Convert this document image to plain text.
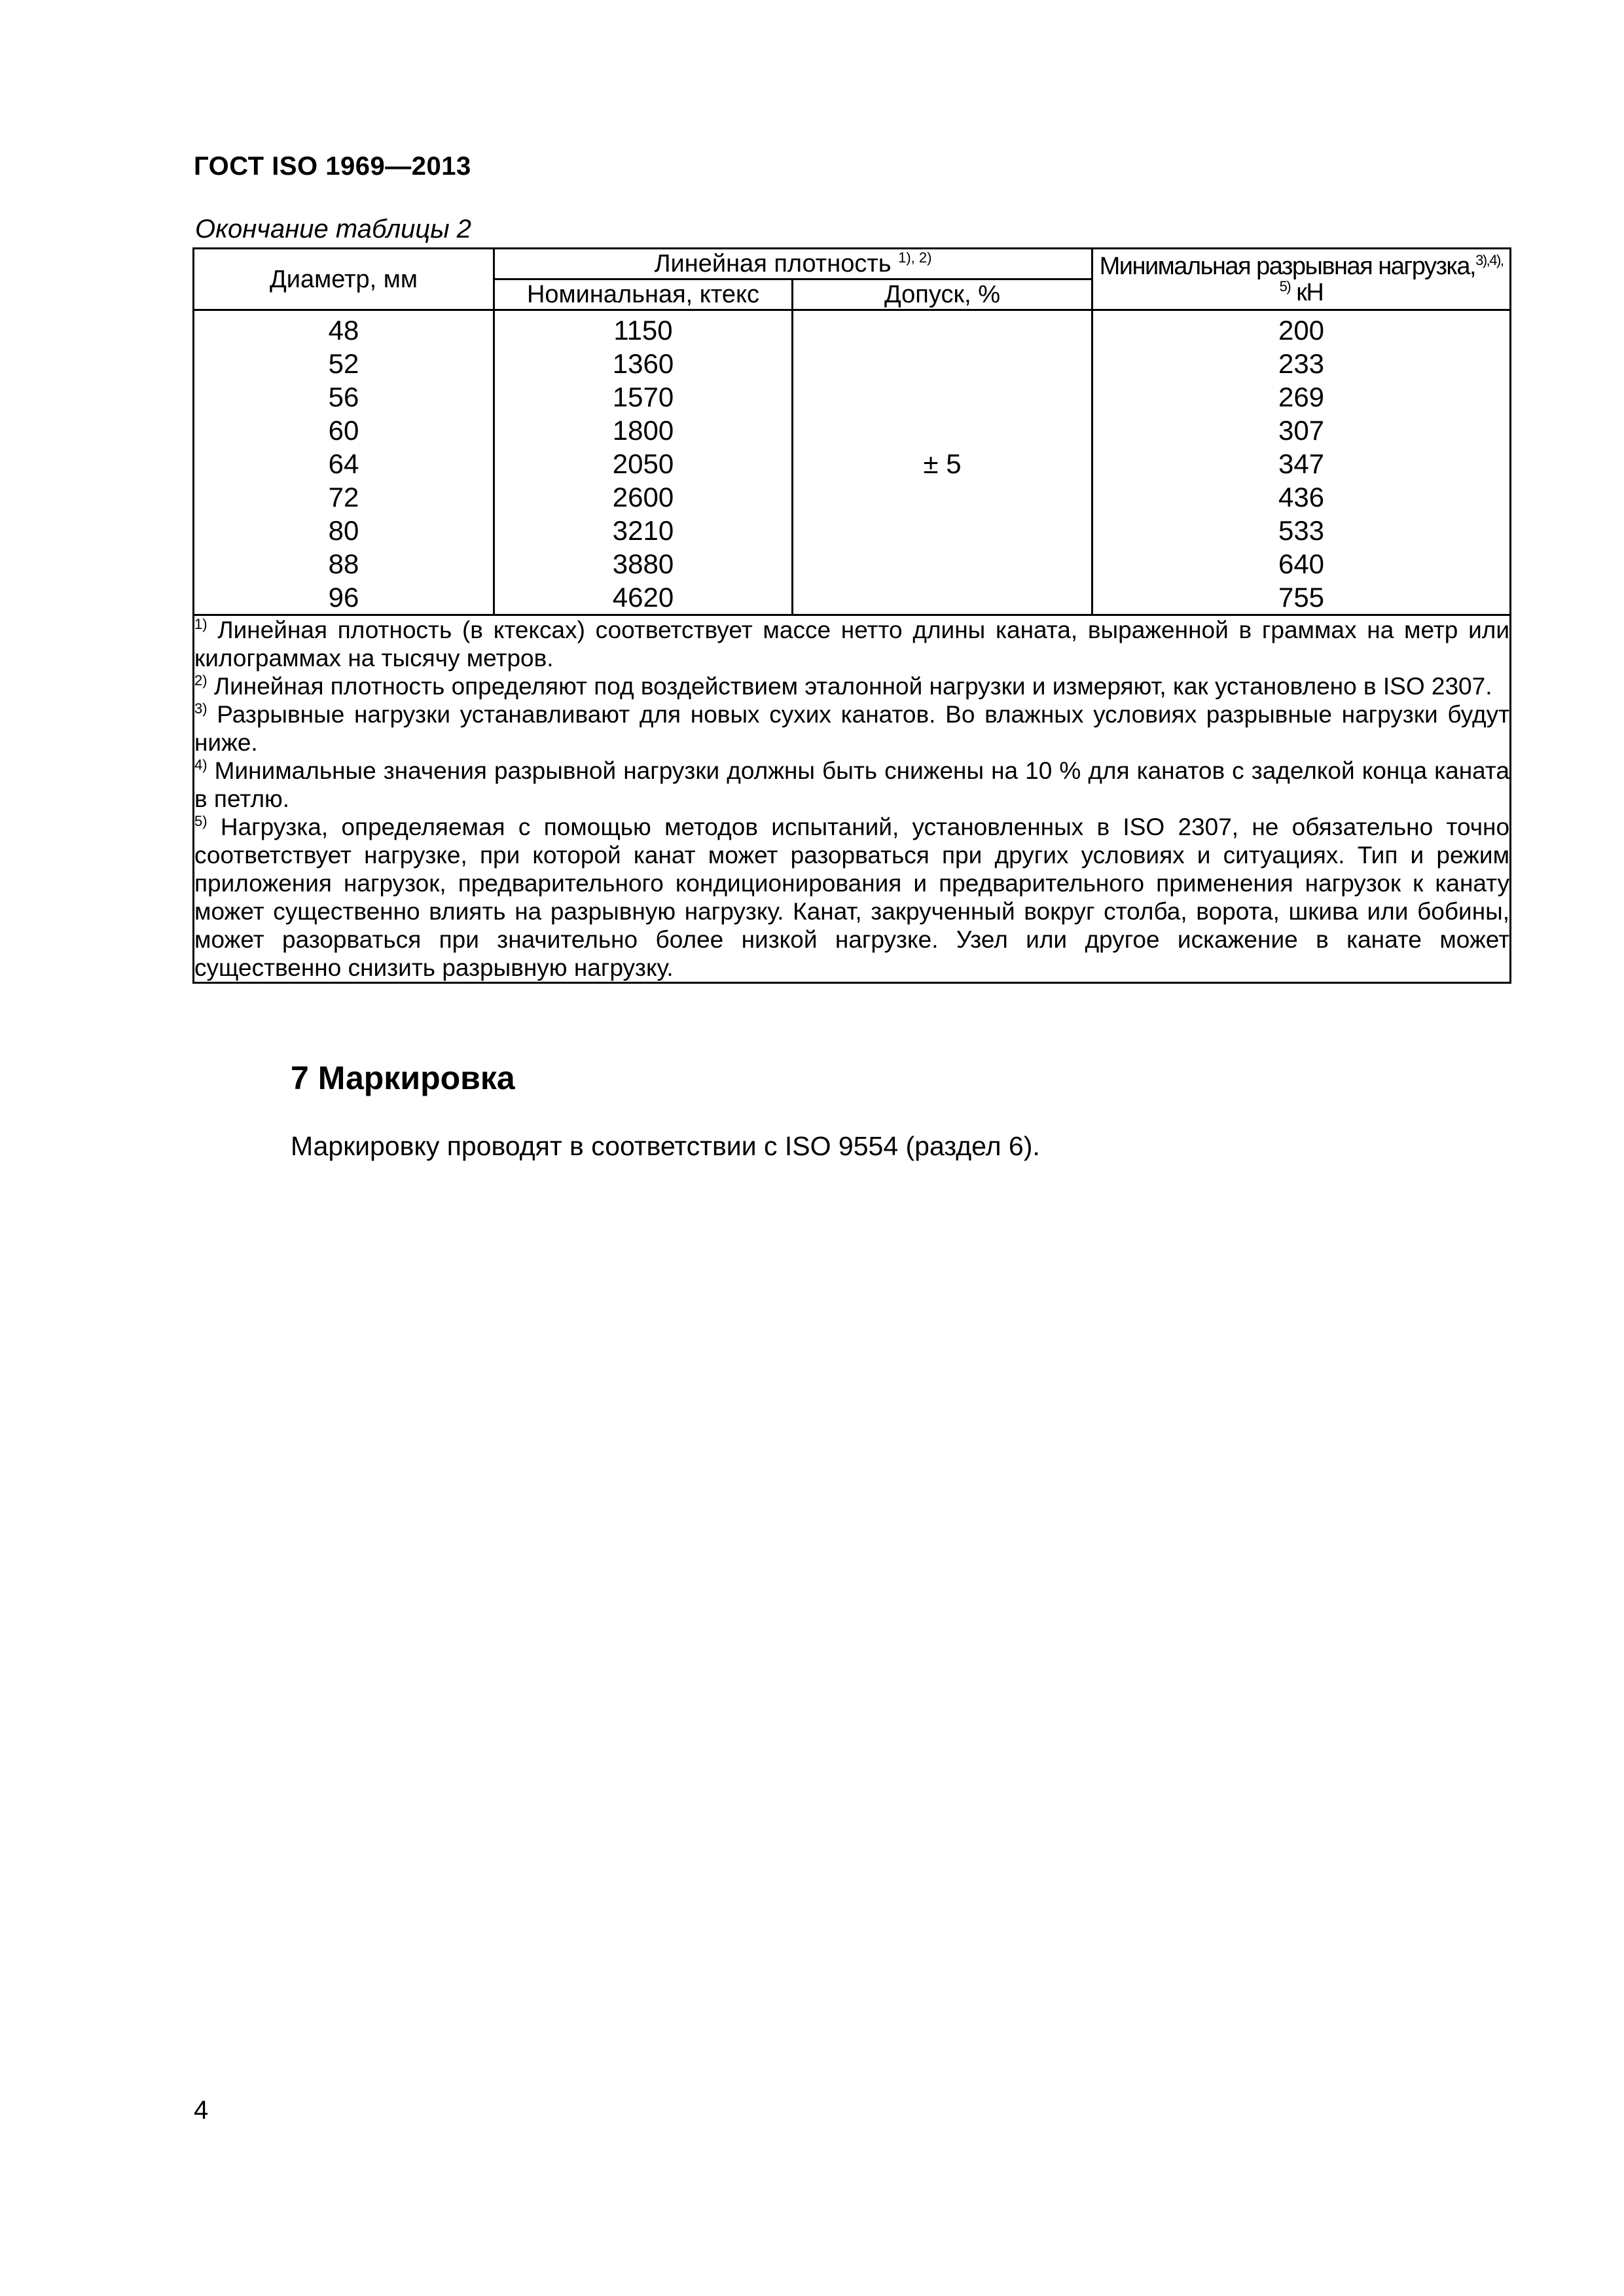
ГОСТ ISO 1969—2013
Окончание таблицы 2
Диаметр, мм	Линейная плотность $^{1), 2)}$		Минимальная разрывная нагрузка,$^{3),4),}$
$^{5)}$ кН
	Номинальная, ктекс	Допуск, %	
48	1150	± 5	200
52	1360		233
56	1570		269
60	1800		307
64	2050		347
72	2600		436
80	3210		533
88	3880		640
96	4620		755

$^{1)}$ Линейная плотность (в ктексах) соответствует массе нетто длины каната, выраженной в граммах на метр или килограммах на тысячу метров.

$^{2)}$ Линейная плотность определяют под воздействием эталонной нагрузки и измеряют, как установлено в ISO 2307.

$^{3)}$ Разрывные нагрузки устанавливают для новых сухих канатов. Во влажных условиях разрывные нагрузки будут ниже.

$^{4)}$ Минимальные значения разрывной нагрузки должны быть снижены на 10 % для канатов с заделкой конца каната в петлю.

$^{5)}$ Нагрузка, определяемая с помощью методов испытаний, установленных в ISO 2307, не обязательно точно соответствует нагрузке, при которой канат может разорваться при других условиях и ситуациях. Тип и режим приложения нагрузок, предварительного кондиционирования и предварительного применения нагрузок к канату может существенно влиять на разрывную нагрузку. Канат, закрученный вокруг столба, ворота, шкива или бобины, может разорваться при значительно более низкой нагрузке. Узел или другое искажение в канате может существенно снизить разрывную нагрузку.			

7 Маркировка
Маркировку проводят в соответствии с ISO 9554 (раздел 6).
4
